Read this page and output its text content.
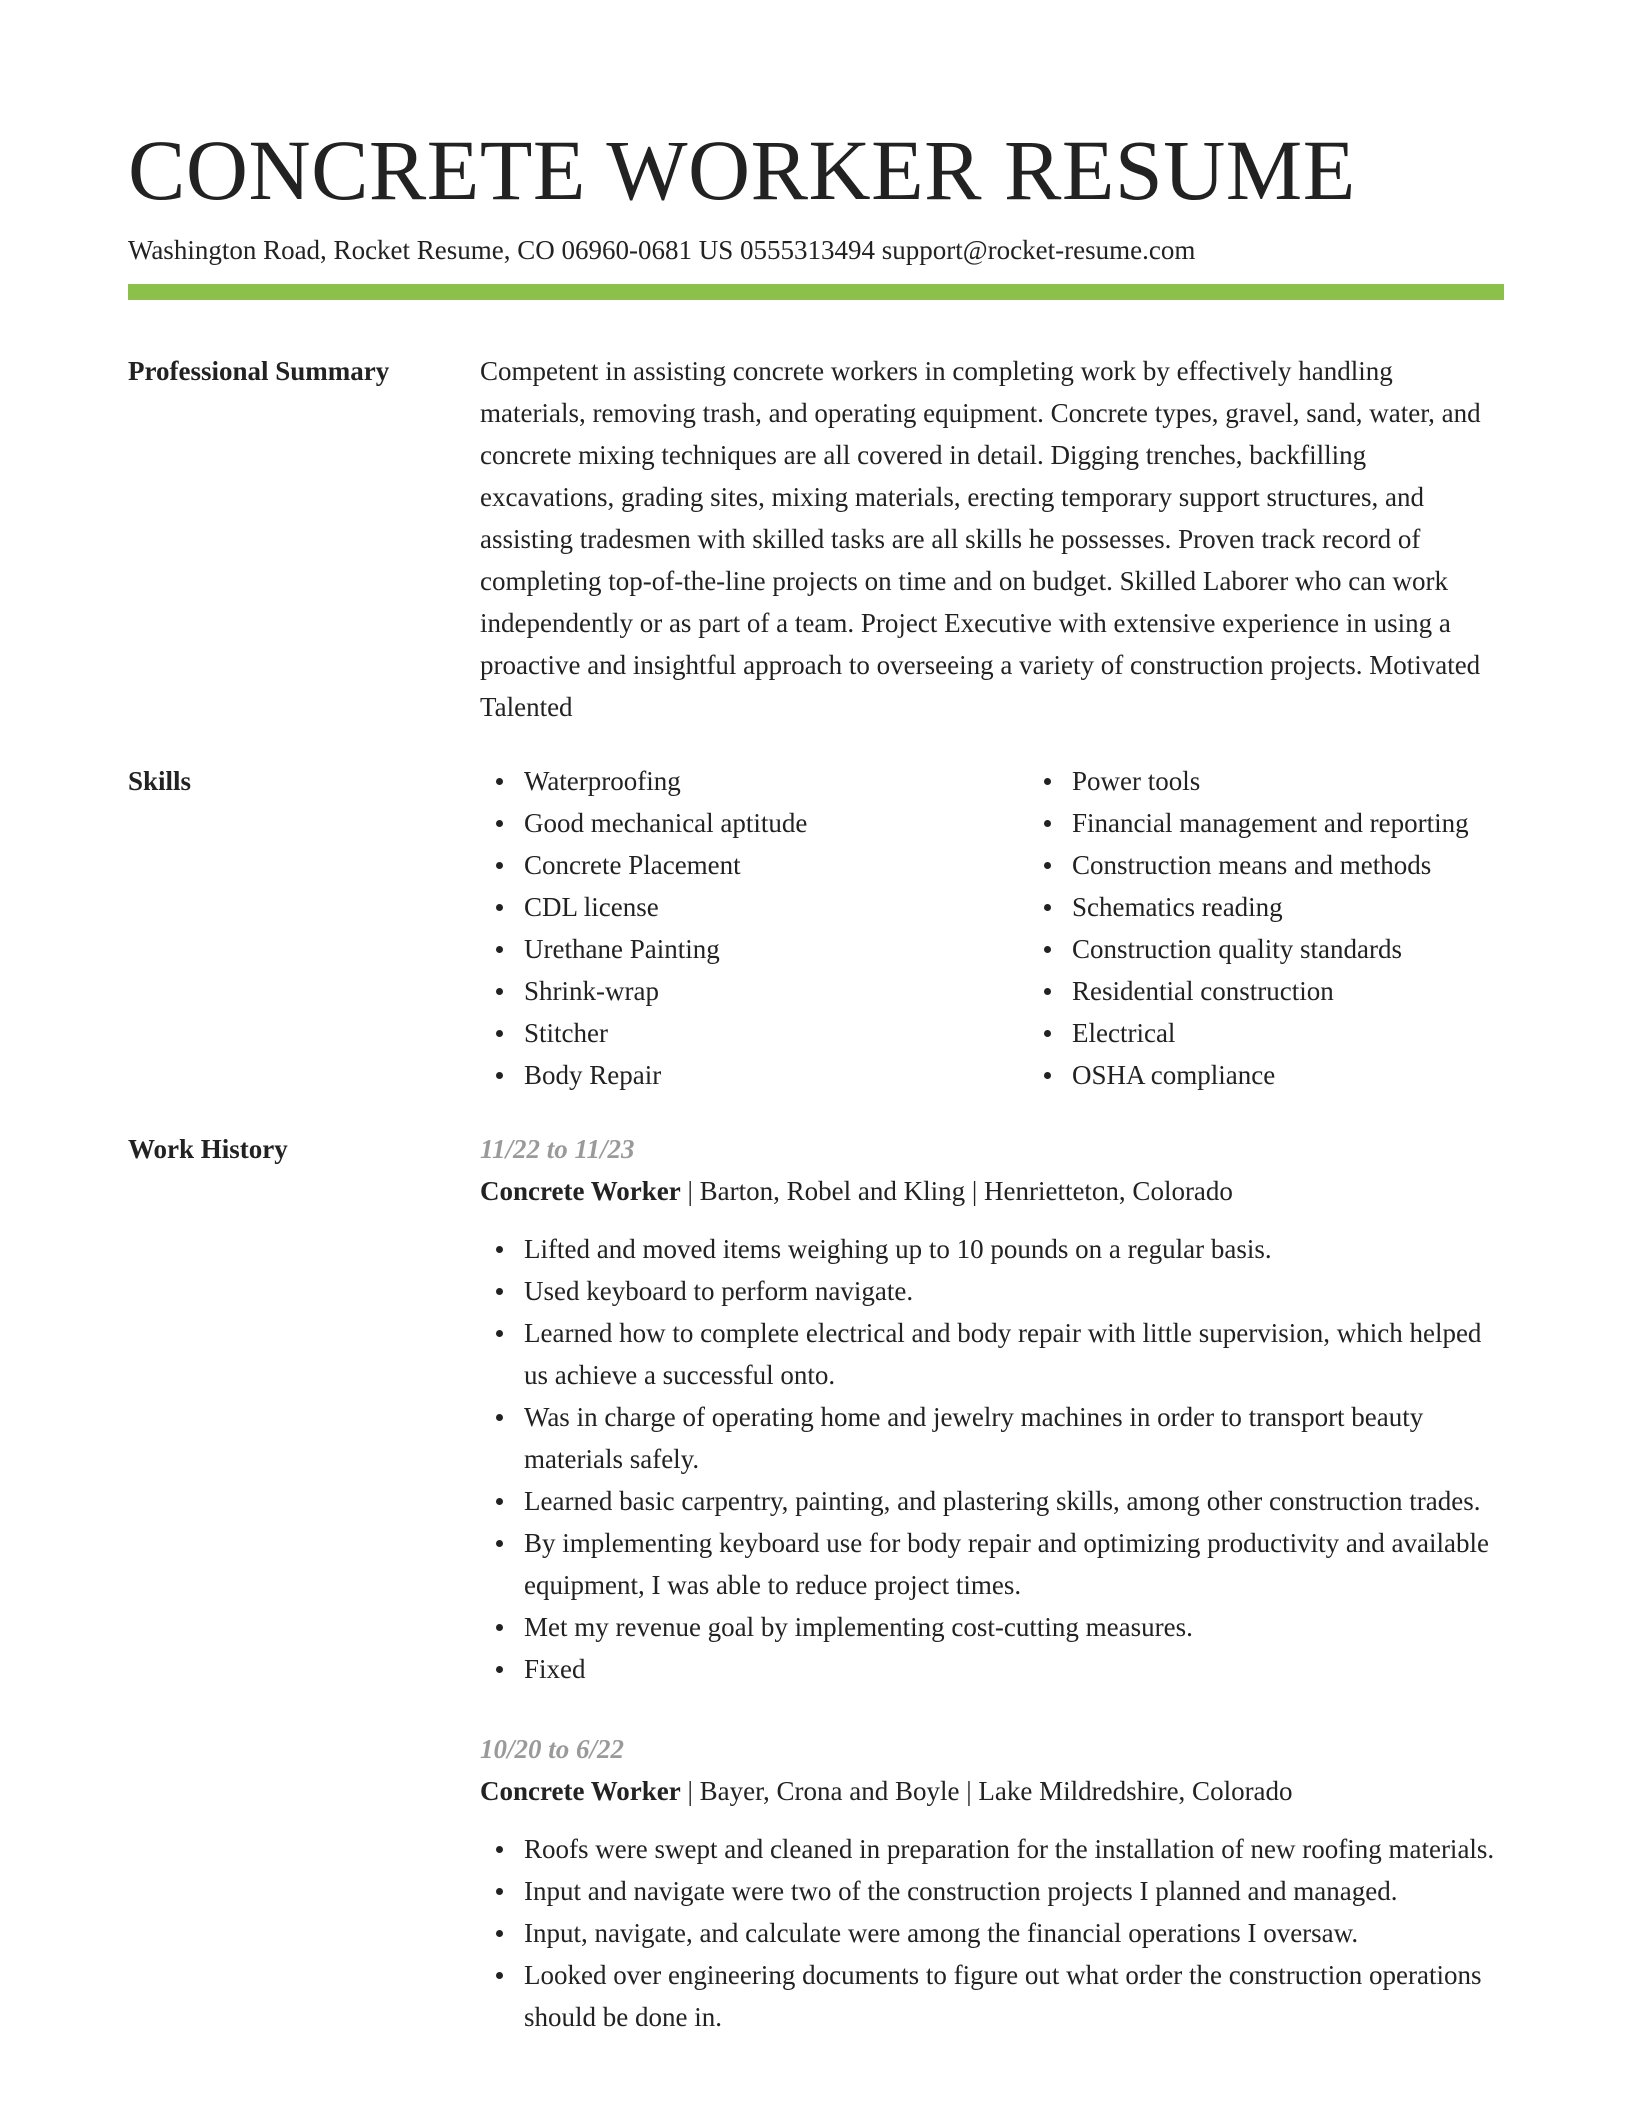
CONCRETE WORKER RESUME
Washington Road, Rocket Resume, CO 06960-0681 US 0555313494 support@rocket-resume.com
Professional Summary	Competent in assisting concrete workers in completing work by effectively handling materials, removing trash, and operating equipment. Concrete types, gravel, sand, water, and concrete mixing techniques are all covered in detail. Digging trenches, backfilling excavations, grading sites, mixing materials, erecting temporary support structures, and assisting tradesmen with skilled tasks are all skills he possesses. Proven track record of completing top-of-the-line projects on time and on budget. Skilled Laborer who can work independently or as part of a team. Project Executive with extensive experience in using a proactive and insightful approach to overseeing a variety of construction projects. Motivated Talented
Skills	Waterproofing
Good mechanical aptitude
Concrete Placement
CDL license
Urethane Painting
Shrink-wrap
Stitcher
Body Repair
Power tools
Financial management and reporting
Construction means and methods
Schematics reading
Construction quality standards
Residential construction
Electrical
OSHA compliance
Work History	11/22 to 11/23
Concrete Worker | Barton, Robel and Kling | Henrietteton, Colorado
Lifted and moved items weighing up to 10 pounds on a regular basis.
Used keyboard to perform navigate.
Learned how to complete electrical and body repair with little supervision, which helped us achieve a successful onto.
Was in charge of operating home and jewelry machines in order to transport beauty materials safely.
Learned basic carpentry, painting, and plastering skills, among other construction trades.
By implementing keyboard use for body repair and optimizing productivity and available equipment, I was able to reduce project times.
Met my revenue goal by implementing cost-cutting measures.
Fixed
10/20 to 6/22
Concrete Worker | Bayer, Crona and Boyle | Lake Mildredshire, Colorado
Roofs were swept and cleaned in preparation for the installation of new roofing materials.
Input and navigate were two of the construction projects I planned and managed.
Input, navigate, and calculate were among the financial operations I oversaw.
Looked over engineering documents to figure out what order the construction operations should be done in.
